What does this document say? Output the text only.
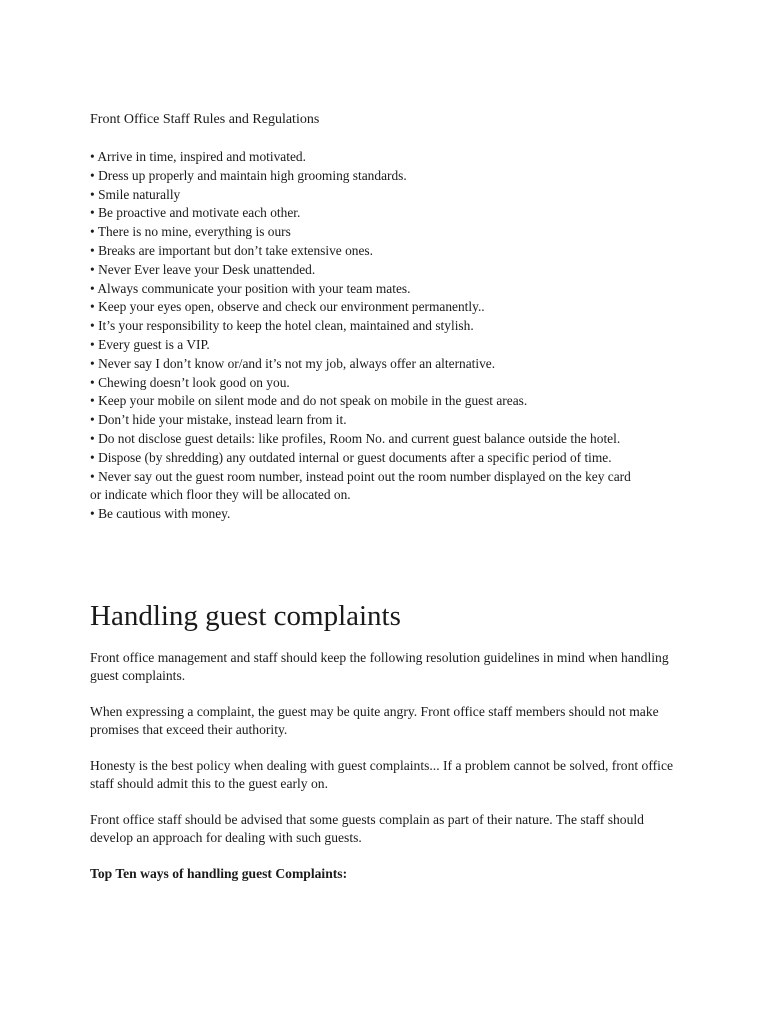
Front Office Staff Rules and Regulations
• Arrive in time, inspired and motivated.
• Dress up properly and maintain high grooming standards.
• Smile naturally
• Be proactive and motivate each other.
• There is no mine, everything is ours
• Breaks are important but don’t take extensive ones.
• Never Ever leave your Desk unattended.
• Always communicate your position with your team mates.
• Keep your eyes open, observe and check our environment permanently..
• It’s your responsibility to keep the hotel clean, maintained and stylish.
• Every guest is a VIP.
• Never say I don’t know or/and it’s not my job, always offer an alternative.
• Chewing doesn’t look good on you.
• Keep your mobile on silent mode and do not speak on mobile in the guest areas.
• Don’t hide your mistake, instead learn from it.
• Do not disclose guest details: like profiles, Room No. and current guest balance outside the hotel.
• Dispose (by shredding) any outdated internal or guest documents after a specific period of time.
• Never say out the guest room number, instead point out the room number displayed on the key card or indicate which floor they will be allocated on.
• Be cautious with money.
Handling guest complaints

Front office management and staff should keep the following resolution guidelines in mind when handling guest complaints.

When expressing a complaint, the guest may be quite angry. Front office staff members should not make promises that exceed their authority.

Honesty is the best policy when dealing with guest complaints... If a problem cannot be solved, front office staff should admit this to the guest early on.

Front office staff should be advised that some guests complain as part of their nature. The staff should develop an approach for dealing with such guests.

Top Ten ways of handling guest Complaints:
